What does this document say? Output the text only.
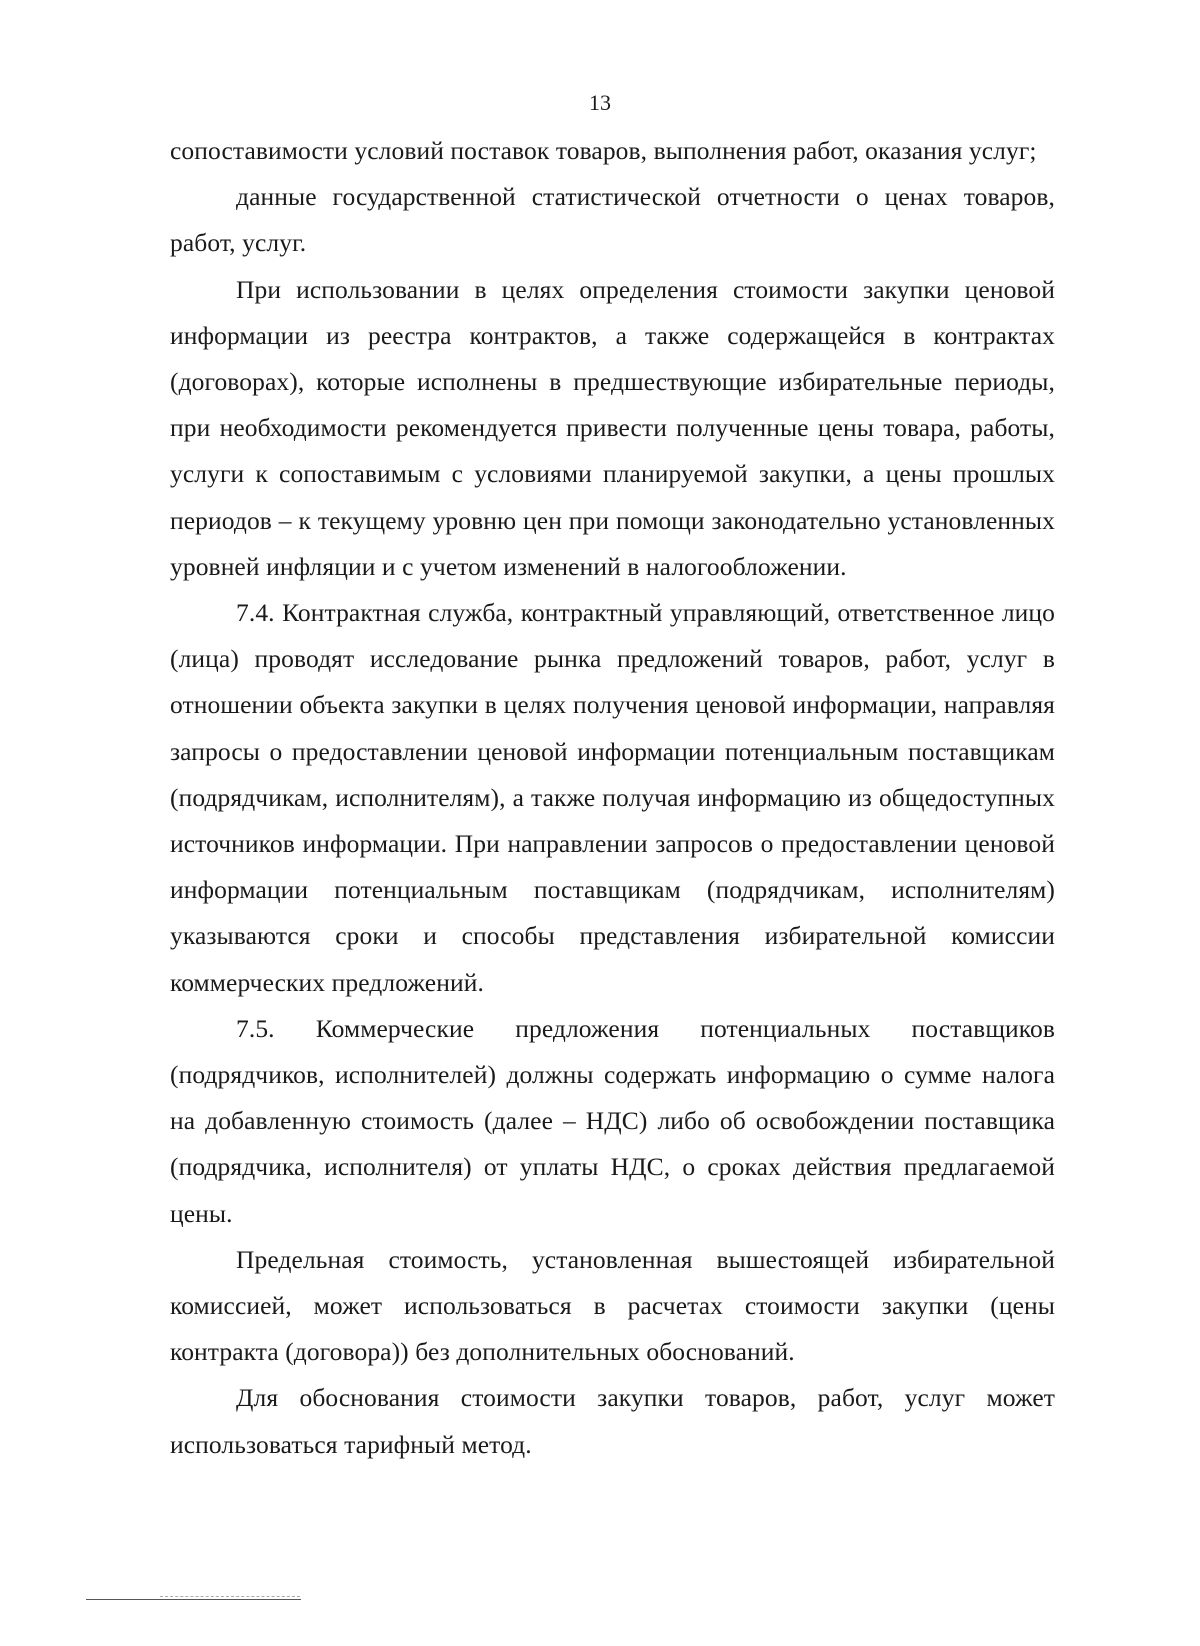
13

сопоставимости условий поставок товаров, выполнения работ, оказания услуг;

данные государственной статистической отчетности о ценах товаров, работ, услуг.

При использовании в целях определения стоимости закупки ценовой информации из реестра контрактов, а также содержащейся в контрактах (договорах), которые исполнены в предшествующие избирательные периоды, при необходимости рекомендуется привести полученные цены товара, работы, услуги к сопоставимым с условиями планируемой закупки, а цены прошлых периодов – к текущему уровню цен при помощи законодательно установленных уровней инфляции и с учетом изменений в налогообложении.

7.4. Контрактная служба, контрактный управляющий, ответственное лицо (лица) проводят исследование рынка предложений товаров, работ, услуг в отношении объекта закупки в целях получения ценовой информации, направляя запросы о предоставлении ценовой информации потенциальным поставщикам (подрядчикам, исполнителям), а также получая информацию из общедоступных источников информации. При направлении запросов о предоставлении ценовой информации потенциальным поставщикам (подрядчикам, исполнителям) указываются сроки и способы представления избирательной комиссии коммерческих предложений.

7.5. Коммерческие предложения потенциальных поставщиков (подрядчиков, исполнителей) должны содержать информацию о сумме налога на добавленную стоимость (далее – НДС) либо об освобождении поставщика (подрядчика, исполнителя) от уплаты НДС, о сроках действия предлагаемой цены.

Предельная стоимость, установленная вышестоящей избирательной комиссией, может использоваться в расчетах стоимости закупки (цены контракта (договора)) без дополнительных обоснований.

Для обоснования стоимости закупки товаров, работ, услуг может использоваться тарифный метод.
